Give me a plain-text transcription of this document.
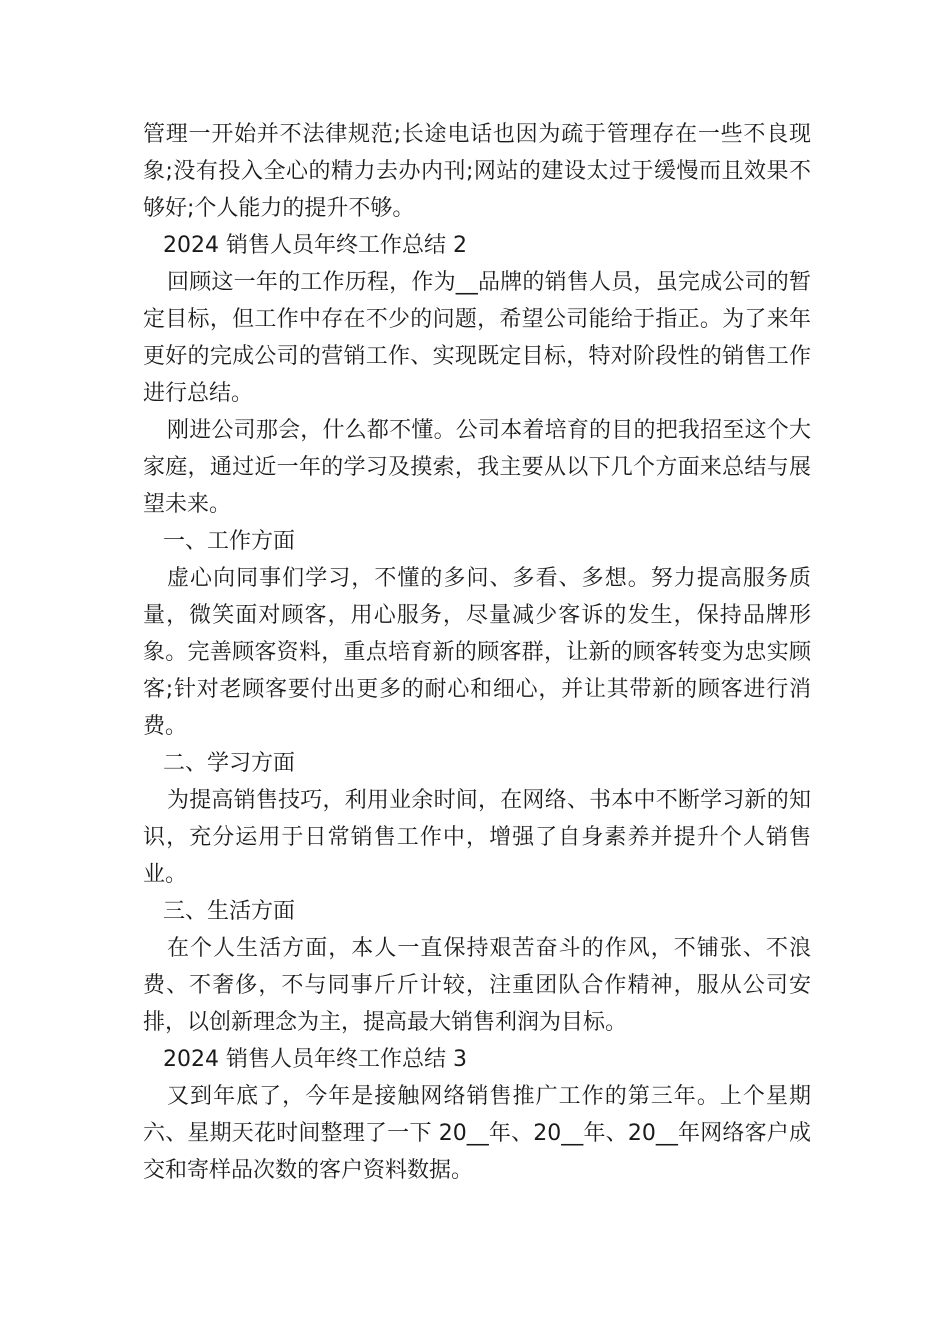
管理一开始并不法律规范;长途电话也因为疏于管理存在一些不良现象;没有投入全心的精力去办内刊;网站的建设太过于缓慢而且效果不够好;个人能力的提升不够。

2024 销售人员年终工作总结 2

回顾这一年的工作历程，作为__品牌的销售人员，虽完成公司的暂定目标，但工作中存在不少的问题，希望公司能给于指正。为了来年更好的完成公司的营销工作、实现既定目标，特对阶段性的销售工作进行总结。

刚进公司那会，什么都不懂。公司本着培育的目的把我招至这个大家庭，通过近一年的学习及摸索，我主要从以下几个方面来总结与展望未来。

一、工作方面

虚心向同事们学习，不懂的多问、多看、多想。努力提高服务质量，微笑面对顾客，用心服务，尽量减少客诉的发生，保持品牌形象。完善顾客资料，重点培育新的顾客群，让新的顾客转变为忠实顾客;针对老顾客要付出更多的耐心和细心，并让其带新的顾客进行消费。

二、学习方面

为提高销售技巧，利用业余时间，在网络、书本中不断学习新的知识，充分运用于日常销售工作中，增强了自身素养并提升个人销售业。

三、生活方面

在个人生活方面，本人一直保持艰苦奋斗的作风，不铺张、不浪费、不奢侈，不与同事斤斤计较，注重团队合作精神，服从公司安排，以创新理念为主，提高最大销售利润为目标。

2024 销售人员年终工作总结 3

又到年底了，今年是接触网络销售推广工作的第三年。上个星期六、星期天花时间整理了一下 20__年、20__年、20__年网络客户成交和寄样品次数的客户资料数据。
